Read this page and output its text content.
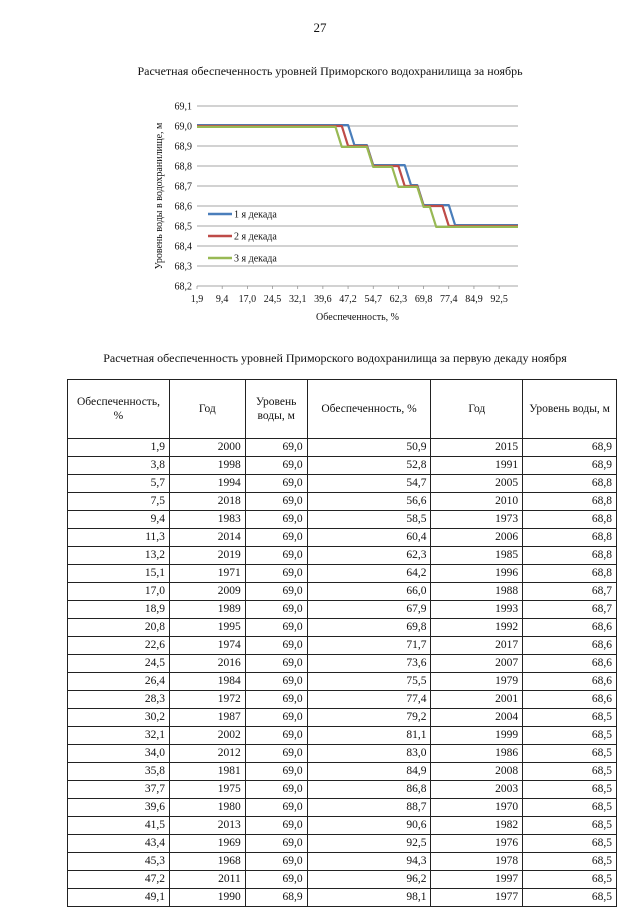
27
Расчетная обеспеченность уровней Приморского водохранилища за ноябрь
69,1
69,0
68,9
68,8
68,7
68,6
68,5
68,4
68,3
68,2
1,9 9,4 17,0 24,5 32,1 39,6 47,2 54,7 62,3 69,8 77,4 84,9 92,5
Обеспеченность, %
Уровень воды в водохранилище, м	1 я декада
2 я декада
3 я декада
Расчетная обеспеченность уровней Приморского водохранилища за первую декаду ноября
Обеспеченность, %	Год	Уровень воды, м	Обеспеченность, %	Год	Уровень воды, м
1,9	2000	69,0	50,9	2015	68,9
3,8	1998	69,0	52,8	1991	68,9
5,7	1994	69,0	54,7	2005	68,8
7,5	2018	69,0	56,6	2010	68,8
9,4	1983	69,0	58,5	1973	68,8
11,3	2014	69,0	60,4	2006	68,8
13,2	2019	69,0	62,3	1985	68,8
15,1	1971	69,0	64,2	1996	68,8
17,0	2009	69,0	66,0	1988	68,7
18,9	1989	69,0	67,9	1993	68,7
20,8	1995	69,0	69,8	1992	68,6
22,6	1974	69,0	71,7	2017	68,6
24,5	2016	69,0	73,6	2007	68,6
26,4	1984	69,0	75,5	1979	68,6
28,3	1972	69,0	77,4	2001	68,6
30,2	1987	69,0	79,2	2004	68,5
32,1	2002	69,0	81,1	1999	68,5
34,0	2012	69,0	83,0	1986	68,5
35,8	1981	69,0	84,9	2008	68,5
37,7	1975	69,0	86,8	2003	68,5
39,6	1980	69,0	88,7	1970	68,5
41,5	2013	69,0	90,6	1982	68,5
43,4	1969	69,0	92,5	1976	68,5
45,3	1968	69,0	94,3	1978	68,5
47,2	2011	69,0	96,2	1997	68,5
49,1	1990	68,9	98,1	1977	68,5
